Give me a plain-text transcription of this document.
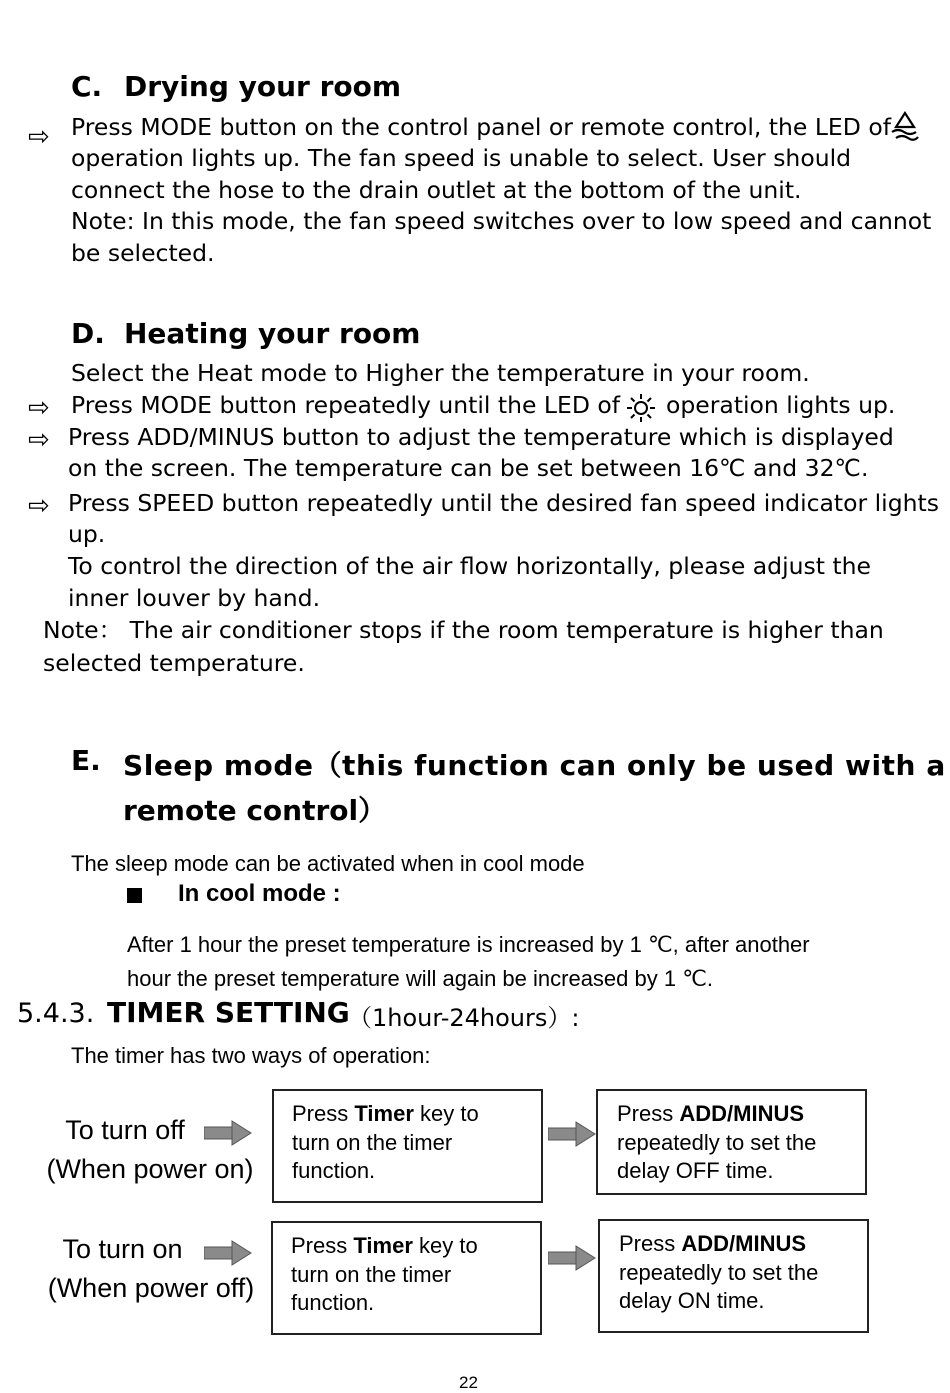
C. Drying your room
⇨ Press MODE button on the control panel or remote control, the LED of
operation lights up. The fan speed is unable to select. User should
connect the hose to the drain outlet at the bottom of the unit.
Note: In this mode, the fan speed switches over to low speed and cannot
be selected.
D. Heating your room
Select the Heat mode to Higher the temperature in your room.
⇨ Press MODE button repeatedly until the LED of operation lights up.
⇨ Press ADD/MINUS button to adjust the temperature which is displayed
on the screen. The temperature can be set between 16℃ and 32℃.
⇨ Press SPEED button repeatedly until the desired fan speed indicator lights
up.
To control the direction of the air flow horizontally, please adjust the
inner louver by hand.
Note： The air conditioner stops if the room temperature is higher than
selected temperature.
E. Sleep mode（this function can only be used with a
remote control）
The sleep mode can be activated when in cool mode
In cool mode :
After 1 hour the preset temperature is increased by 1 ℃, after another
hour the preset temperature will again be increased by 1 ℃.
5.4.3. TIMER SETTING
（1hour-24hours）:
The timer has two ways of operation:
To turn off
(When power on)
Press Timer key to
turn on the timer
function.
Press ADD/MINUS
repeatedly to set the
delay OFF time.
To turn on
(When power off)
Press Timer key to
turn on the timer
function.
Press ADD/MINUS
repeatedly to set the
delay ON time.
22
